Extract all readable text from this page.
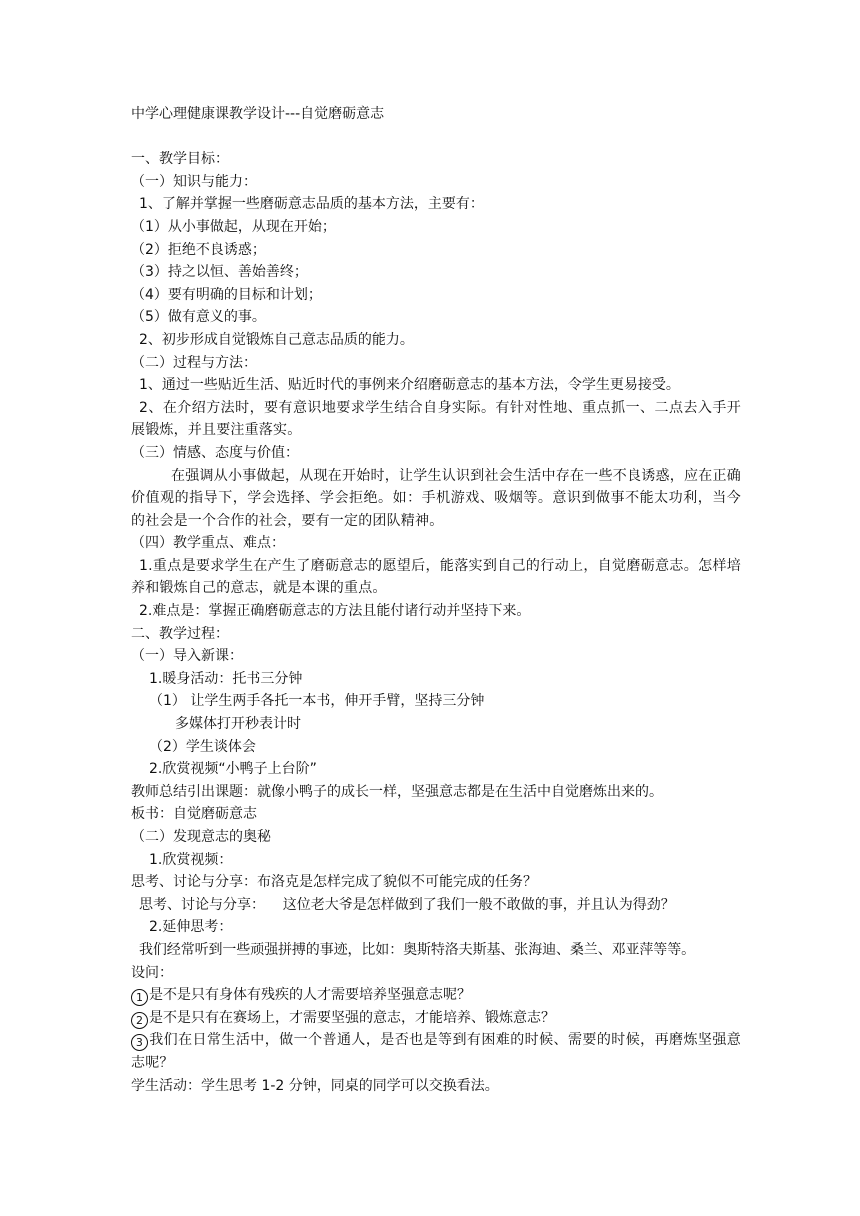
中学心理健康课教学设计---自觉磨砺意志
一、教学目标：
（一）知识与能力：
1、了解并掌握一些磨砺意志品质的基本方法，主要有：
（1）从小事做起，从现在开始；
（2）拒绝不良诱惑；
（3）持之以恒、善始善终；
（4）要有明确的目标和计划；
（5）做有意义的事。
2、初步形成自觉锻炼自己意志品质的能力。
（二）过程与方法：
1、通过一些贴近生活、贴近时代的事例来介绍磨砺意志的基本方法，令学生更易接受。
2、在介绍方法时，要有意识地要求学生结合自身实际。有针对性地、重点抓一、二点去入手开展锻炼，并且要注重落实。
（三）情感、态度与价值：
在强调从小事做起，从现在开始时，让学生认识到社会生活中存在一些不良诱惑，应在正确价值观的指导下，学会选择、学会拒绝。如：手机游戏、吸烟等。意识到做事不能太功利，当今的社会是一个合作的社会，要有一定的团队精神。
（四）教学重点、难点：
1.重点是要求学生在产生了磨砺意志的愿望后，能落实到自己的行动上，自觉磨砺意志。怎样培养和锻炼自己的意志，就是本课的重点。
2.难点是：掌握正确磨砺意志的方法且能付诸行动并坚持下来。
二、教学过程：
（一）导入新课：
1.暖身活动：托书三分钟
（1） 让学生两手各托一本书，伸开手臂，坚持三分钟
多媒体打开秒表计时
（2）学生谈体会
2.欣赏视频“小鸭子上台阶”
教师总结引出课题：就像小鸭子的成长一样，坚强意志都是在生活中自觉磨炼出来的。
板书：自觉磨砺意志
（二）发现意志的奥秘
1.欣赏视频：
思考、讨论与分享：布洛克是怎样完成了貌似不可能完成的任务？
思考、讨论与分享：    这位老大爷是怎样做到了我们一般不敢做的事，并且认为得劲？
2.延伸思考：
我们经常听到一些顽强拼搏的事迹，比如：奥斯特洛夫斯基、张海迪、桑兰、邓亚萍等等。
设问：
1 是不是只有身体有残疾的人才需要培养坚强意志呢？
2 是不是只有在赛场上，才需要坚强的意志，才能培养、锻炼意志？
3 我们在日常生活中，做一个普通人，是否也是等到有困难的时候、需要的时候，再磨炼坚强意志呢？
学生活动：学生思考 1-2 分钟，同桌的同学可以交换看法。
